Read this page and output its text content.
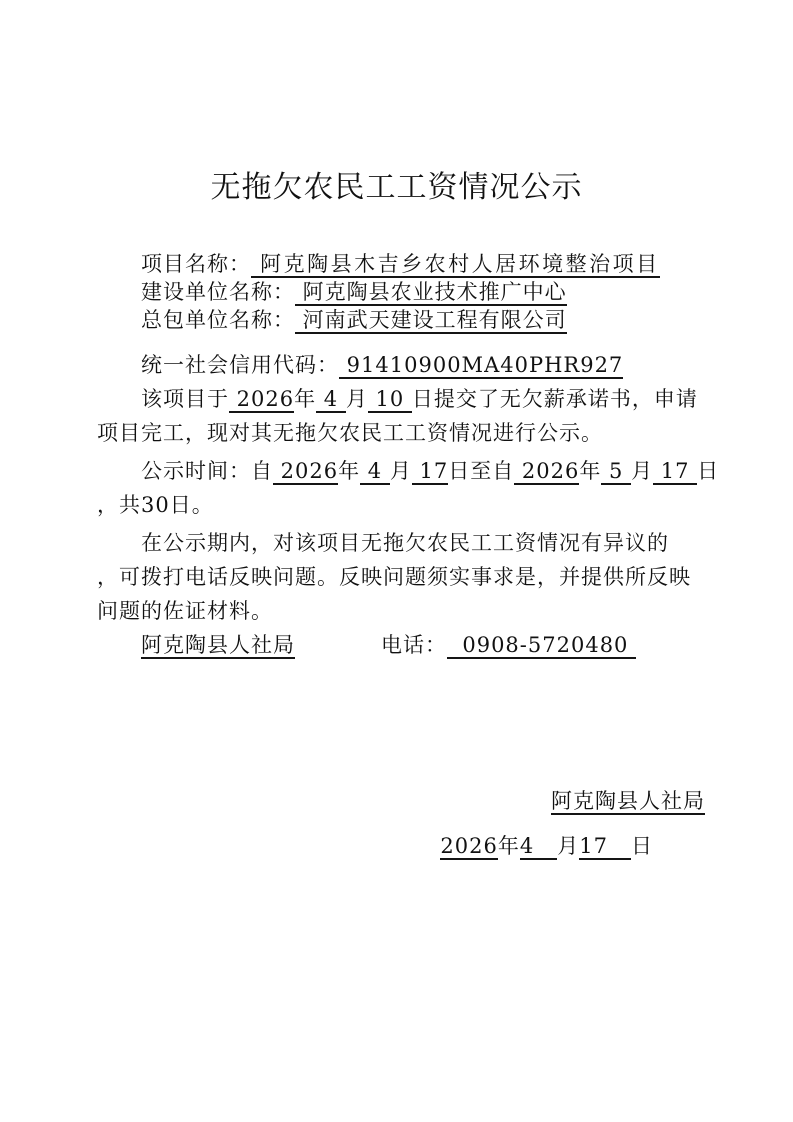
无拖欠农民工工资情况公示
项目名称： 阿克陶县木吉乡农村人居环境整治项目
建设单位名称： 阿克陶县农业技术推广中心
总包单位名称： 河南武天建设工程有限公司
统一社会信用代码： 91410900MA40PHR927
该项目于 2026年 4 月 10 日提交了无欠薪承诺书，申请
项目完工，现对其无拖欠农民工工资情况进行公示。
公示时间：自 2026年 4 月 17日至自 2026年 5 月 17 日
，共30日。
在公示期内，对该项目无拖欠农民工工资情况有异议的
，可拨打电话反映问题。反映问题须实事求是，并提供所反映
问题的佐证材料。
阿克陶县人社局	电话：  0908-5720480
阿克陶县人社局
2026年4   月17   日
